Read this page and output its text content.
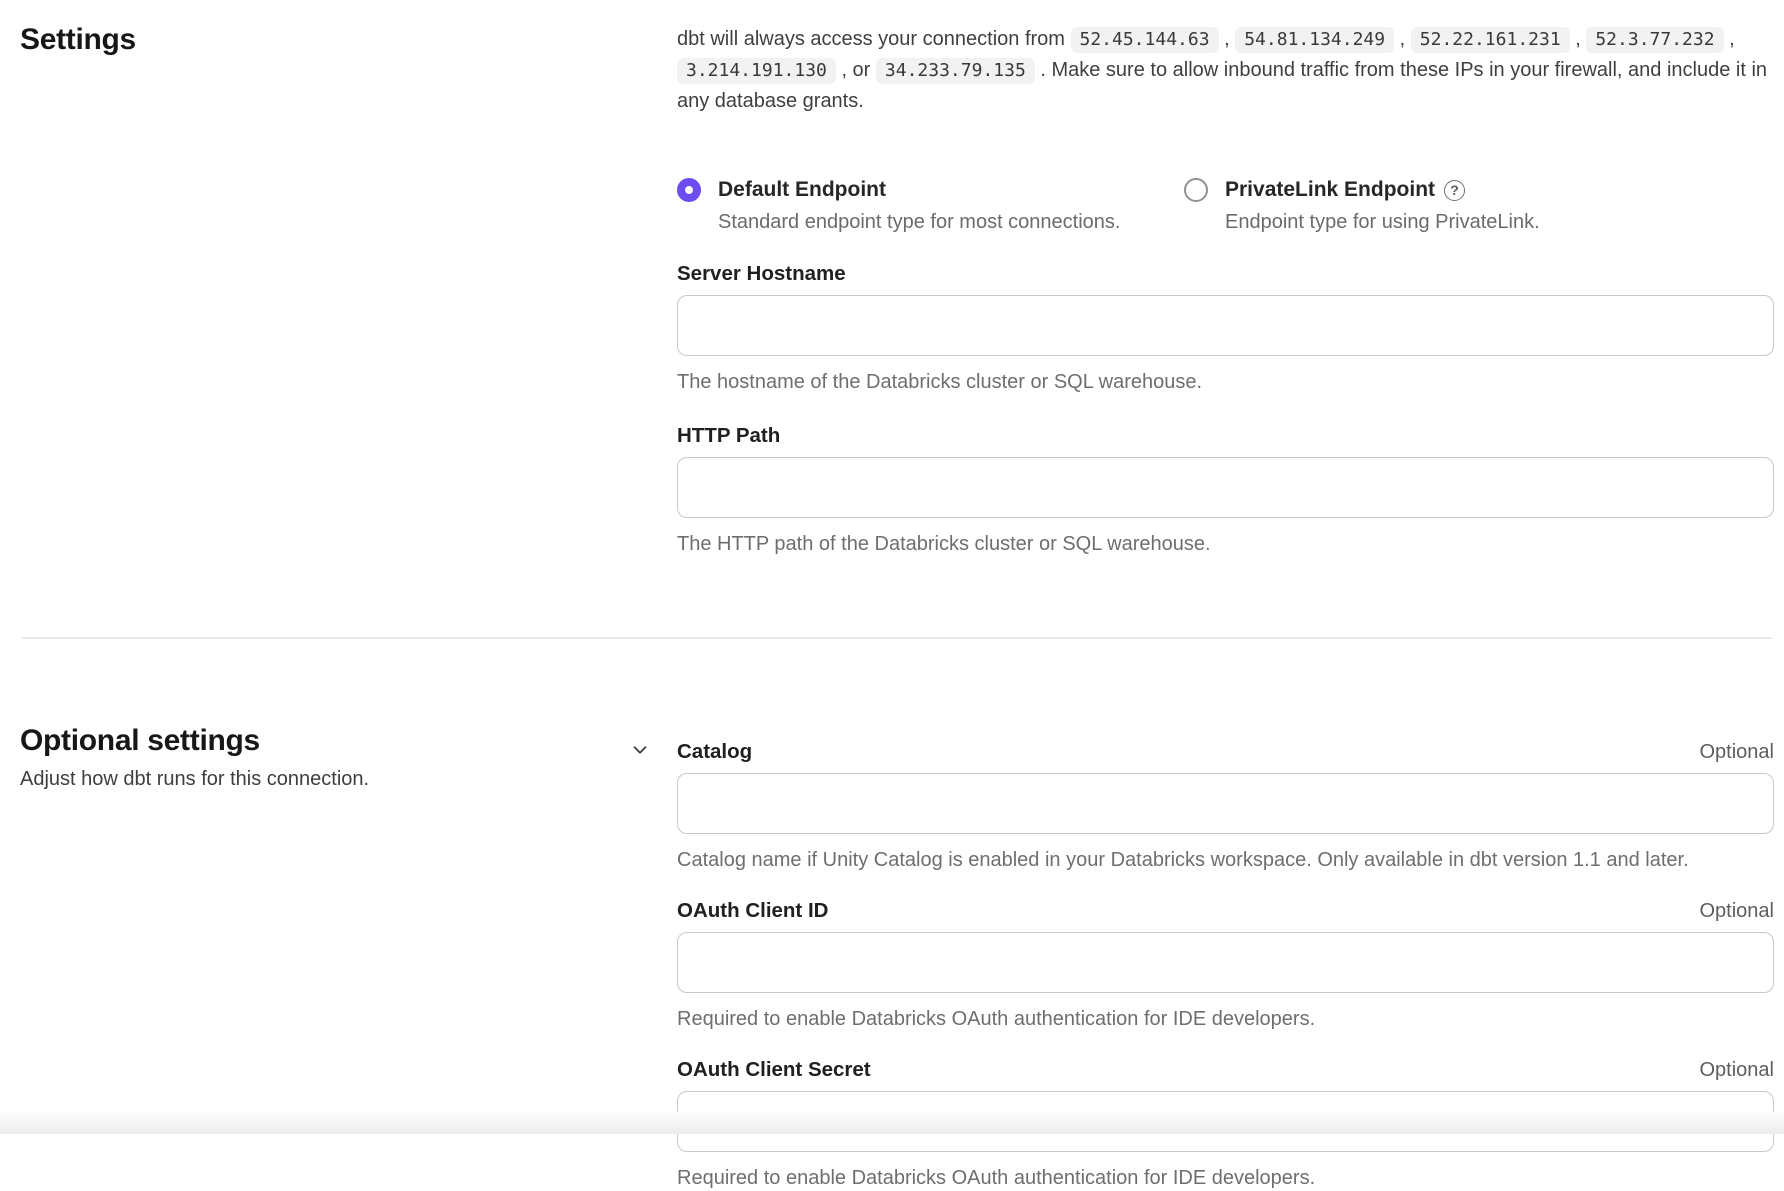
Settings	dbt will always access your connection from 52.45.144.63 , 54.81.134.249 , 52.22.161.231 , 52.3.77.232 , 3.214.191.130 , or 34.233.79.135 . Make sure to allow inbound traffic from these IPs in your firewall, and include it in any database grants.

Default Endpoint
Standard endpoint type for most connections.
PrivateLink Endpoint	?
Endpoint type for using PrivateLink.
Server Hostname
The hostname of the Databricks cluster or SQL warehouse.
HTTP Path
The HTTP path of the Databricks cluster or SQL warehouse.
Optional settings
Adjust how dbt runs for this connection.
Catalog	Optional
Catalog name if Unity Catalog is enabled in your Databricks workspace. Only available in dbt version 1.1 and later.
OAuth Client ID	Optional
Required to enable Databricks OAuth authentication for IDE developers.
OAuth Client Secret	Optional
Required to enable Databricks OAuth authentication for IDE developers.
